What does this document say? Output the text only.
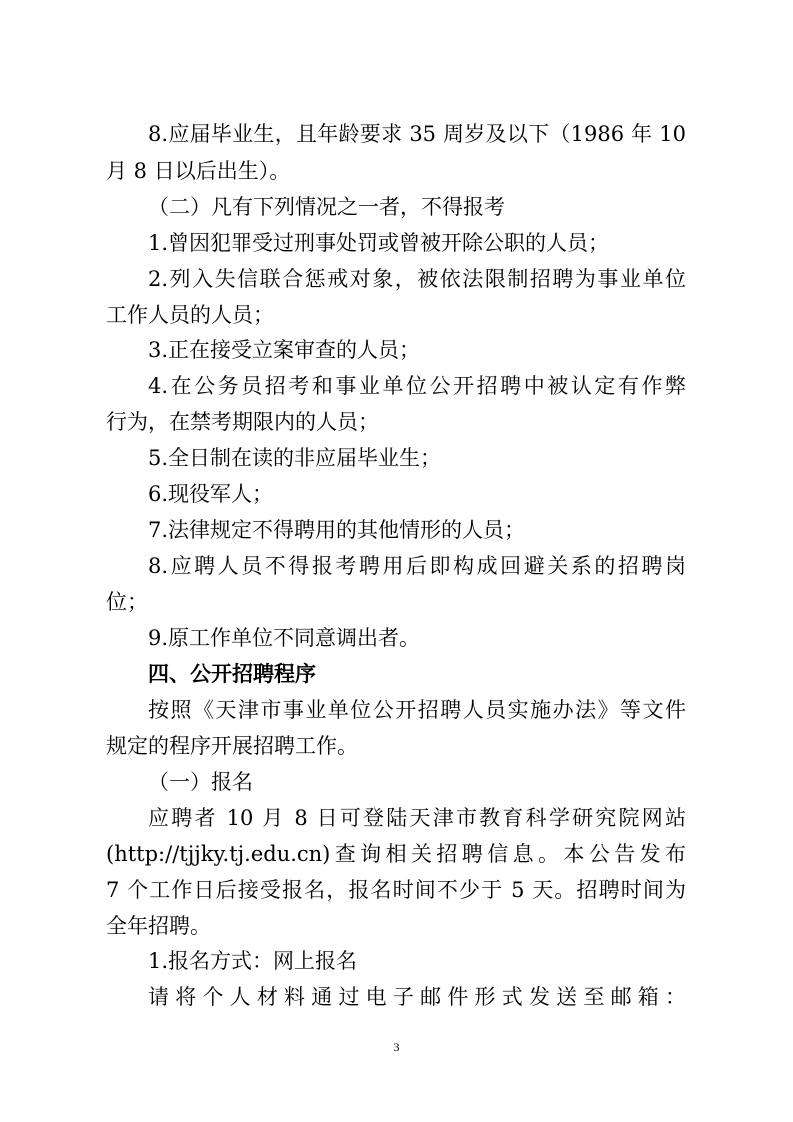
8.应届毕业生，且年龄要求 35 周岁及以下（1986 年 10
月 8 日以后出生）。
（二）凡有下列情况之一者，不得报考
1.曾因犯罪受过刑事处罚或曾被开除公职的人员；
2.列入失信联合惩戒对象，被依法限制招聘为事业单位
工作人员的人员；
3.正在接受立案审查的人员；
4.在公务员招考和事业单位公开招聘中被认定有作弊
行为，在禁考期限内的人员；
5.全日制在读的非应届毕业生；
6.现役军人；
7.法律规定不得聘用的其他情形的人员；
8.应聘人员不得报考聘用后即构成回避关系的招聘岗
位；
9.原工作单位不同意调出者。
四、公开招聘程序
按照《天津市事业单位公开招聘人员实施办法》等文件
规定的程序开展招聘工作。
（一）报名
应聘者 10 月 8 日可登陆天津市教育科学研究院网站
(http://tjjky.tj.edu.cn)查询相关招聘信息。本公告发布
7 个工作日后接受报名，报名时间不少于 5 天。招聘时间为
全年招聘。
1.报名方式：网上报名
请将个人材料通过电子邮件形式发送至邮箱：
3
